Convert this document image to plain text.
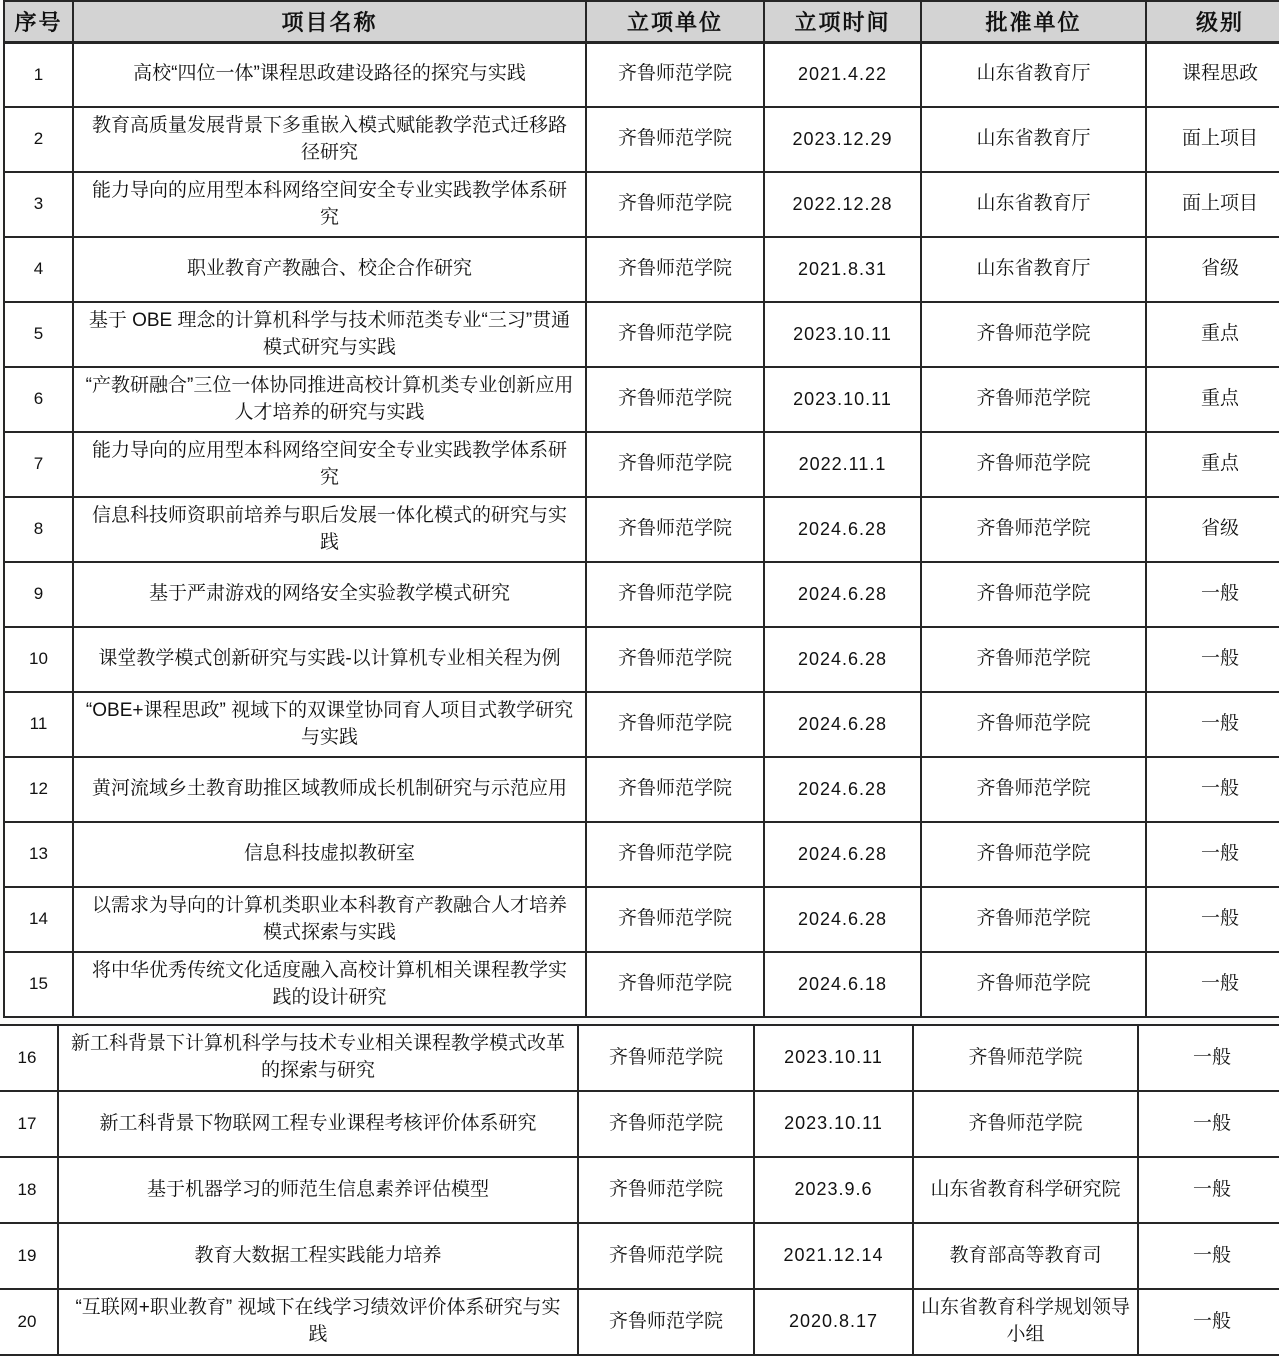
序号	项目名称	立项单位	立项时间	批准单位	级别
1	高校“四位一体”课程思政建设路径的探究与实践	齐鲁师范学院	2021.4.22	山东省教育厅	课程思政
2	教育高质量发展背景下多重嵌入模式赋能教学范式迁移路径研究	齐鲁师范学院	2023.12.29	山东省教育厅	面上项目
3	能力导向的应用型本科网络空间安全专业实践教学体系研究	齐鲁师范学院	2022.12.28	山东省教育厅	面上项目
4	职业教育产教融合、校企合作研究	齐鲁师范学院	2021.8.31	山东省教育厅	省级
5	基于 OBE 理念的计算机科学与技术师范类专业“三习”贯通模式研究与实践	齐鲁师范学院	2023.10.11	齐鲁师范学院	重点
6	“产教研融合”三位一体协同推进高校计算机类专业创新应用人才培养的研究与实践	齐鲁师范学院	2023.10.11	齐鲁师范学院	重点
7	能力导向的应用型本科网络空间安全专业实践教学体系研究	齐鲁师范学院	2022.11.1	齐鲁师范学院	重点
8	信息科技师资职前培养与职后发展一体化模式的研究与实践	齐鲁师范学院	2024.6.28	齐鲁师范学院	省级
9	基于严肃游戏的网络安全实验教学模式研究	齐鲁师范学院	2024.6.28	齐鲁师范学院	一般
10	课堂教学模式创新研究与实践-以计算机专业相关程为例	齐鲁师范学院	2024.6.28	齐鲁师范学院	一般
11	“OBE+课程思政” 视域下的双课堂协同育人项目式教学研究与实践	齐鲁师范学院	2024.6.28	齐鲁师范学院	一般
12	黄河流域乡土教育助推区域教师成长机制研究与示范应用	齐鲁师范学院	2024.6.28	齐鲁师范学院	一般
13	信息科技虚拟教研室	齐鲁师范学院	2024.6.28	齐鲁师范学院	一般
14	以需求为导向的计算机类职业本科教育产教融合人才培养模式探索与实践	齐鲁师范学院	2024.6.28	齐鲁师范学院	一般
15	将中华优秀传统文化适度融入高校计算机相关课程教学实践的设计研究	齐鲁师范学院	2024.6.18	齐鲁师范学院	一般
16	新工科背景下计算机科学与技术专业相关课程教学模式改革的探索与研究	齐鲁师范学院	2023.10.11	齐鲁师范学院	一般
17	新工科背景下物联网工程专业课程考核评价体系研究	齐鲁师范学院	2023.10.11	齐鲁师范学院	一般
18	基于机器学习的师范生信息素养评估模型	齐鲁师范学院	2023.9.6	山东省教育科学研究院	一般
19	教育大数据工程实践能力培养	齐鲁师范学院	2021.12.14	教育部高等教育司	一般
20	“互联网+职业教育” 视域下在线学习绩效评价体系研究与实践	齐鲁师范学院	2020.8.17	山东省教育科学规划领导小组	一般
